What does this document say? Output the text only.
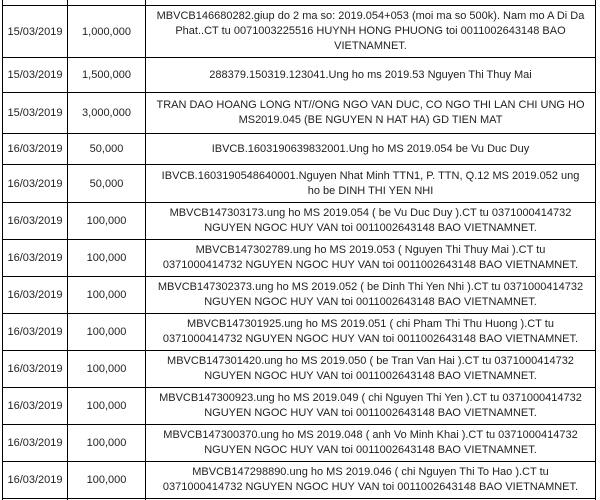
15/03/2019	1,000,000	MBVCB146680282.giup do 2 ma so: 2019.054+053 (moi ma so 500k). Nam mo A Di Da Phat..CT tu 0071003225516 HUYNH HONG PHUONG toi 0011002643148 BAO VIETNAMNET.
15/03/2019	1,500,000	288379.150319.123041.Ung ho ms 2019.53 Nguyen Thi Thuy Mai
15/03/2019	3,000,000	TRAN DAO HOANG LONG NT//ONG NGO VAN DUC, CO NGO THI LAN CHI UNG HO MS2019.045 (BE NGUYEN N HAT HA) GD TIEN MAT
16/03/2019	50,000	IBVCB.1603190639832001.Ung ho MS 2019.054 be Vu Duc Duy
16/03/2019	50,000	IBVCB.1603190548640001.Nguyen Nhat Minh TTN1, P. TTN, Q.12 MS 2019.052 ung ho be DINH THI YEN NHI
16/03/2019	100,000	MBVCB147303173.ung ho MS 2019.054 ( be Vu Duc Duy ).CT tu 0371000414732 NGUYEN NGOC HUY VAN toi 0011002643148 BAO VIETNAMNET.
16/03/2019	100,000	MBVCB147302789.ung ho MS 2019.053 ( Nguyen Thi Thuy Mai ).CT tu 0371000414732 NGUYEN NGOC HUY VAN toi 0011002643148 BAO VIETNAMNET.
16/03/2019	100,000	MBVCB147302373.ung ho MS 2019.052 ( be Dinh Thi Yen Nhi ).CT tu 0371000414732 NGUYEN NGOC HUY VAN toi 0011002643148 BAO VIETNAMNET.
16/03/2019	100,000	MBVCB147301925.ung ho MS 2019.051 ( chi Pham Thi Thu Huong ).CT tu 0371000414732 NGUYEN NGOC HUY VAN toi 0011002643148 BAO VIETNAMNET.
16/03/2019	100,000	MBVCB147301420.ung ho MS 2019.050 ( be Tran Van Hai ).CT tu 0371000414732 NGUYEN NGOC HUY VAN toi 0011002643148 BAO VIETNAMNET.
16/03/2019	100,000	MBVCB147300923.ung ho MS 2019.049 ( chi Nguyen Thi Yen ).CT tu 0371000414732 NGUYEN NGOC HUY VAN toi 0011002643148 BAO VIETNAMNET.
16/03/2019	100,000	MBVCB147300370.ung ho MS 2019.048 ( anh Vo Minh Khai ).CT tu 0371000414732 NGUYEN NGOC HUY VAN toi 0011002643148 BAO VIETNAMNET.
16/03/2019	100,000	MBVCB147298890.ung ho MS 2019.046 ( chi Nguyen Thi To Hao ).CT tu 0371000414732 NGUYEN NGOC HUY VAN toi 0011002643148 BAO VIETNAMNET.
